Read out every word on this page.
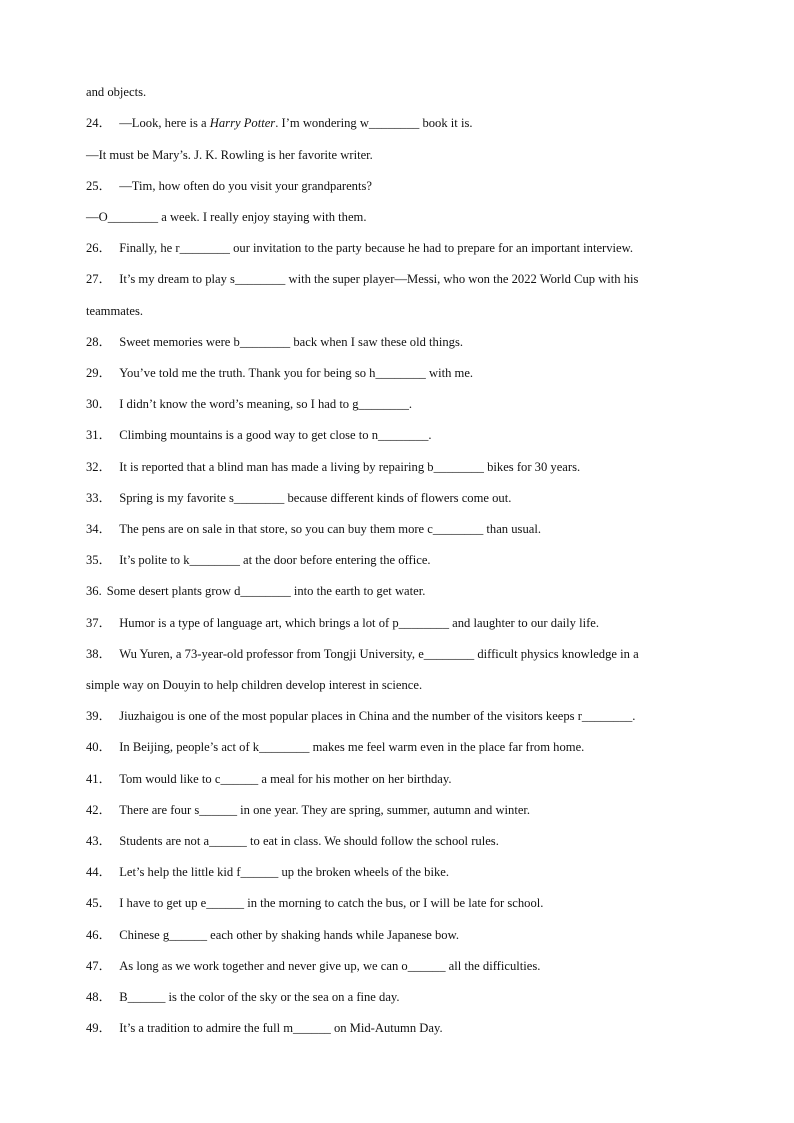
and objects.
24． —Look, here is a Harry Potter. I’m wondering w________ book it is.
—It must be Mary’s. J. K. Rowling is her favorite writer.
25． —Tim, how often do you visit your grandparents?
—O________ a week. I really enjoy staying with them.
26． Finally, he r________ our invitation to the party because he had to prepare for an important interview.
27． It’s my dream to play s________ with the super player—Messi, who won the 2022 World Cup with his
teammates.
28． Sweet memories were b________ back when I saw these old things.
29． You’ve told me the truth. Thank you for being so h________ with me.
30． I didn’t know the word’s meaning, so I had to g________.
31． Climbing mountains is a good way to get close to n________.
32． It is reported that a blind man has made a living by repairing b________ bikes for 30 years.
33． Spring is my favorite s________ because different kinds of flowers come out.
34． The pens are on sale in that store, so you can buy them more c________ than usual.
35． It’s polite to k________ at the door before entering the office.
36. Some desert plants grow d________ into the earth to get water.
37． Humor is a type of language art, which brings a lot of p________ and laughter to our daily life.
38． Wu Yuren, a 73-year-old professor from Tongji University, e________ difficult physics knowledge in a
simple way on Douyin to help children develop interest in science.
39． Jiuzhaigou is one of the most popular places in China and the number of the visitors keeps r________.
40． In Beijing, people’s act of k________ makes me feel warm even in the place far from home.
41． Tom would like to c______ a meal for his mother on her birthday.
42． There are four s______ in one year. They are spring, summer, autumn and winter.
43． Students are not a______ to eat in class. We should follow the school rules.
44． Let’s help the little kid f______ up the broken wheels of the bike.
45． I have to get up e______ in the morning to catch the bus, or I will be late for school.
46． Chinese g______ each other by shaking hands while Japanese bow.
47． As long as we work together and never give up, we can o______ all the difficulties.
48． B______ is the color of the sky or the sea on a fine day.
49． It’s a tradition to admire the full m______ on Mid-Autumn Day.
